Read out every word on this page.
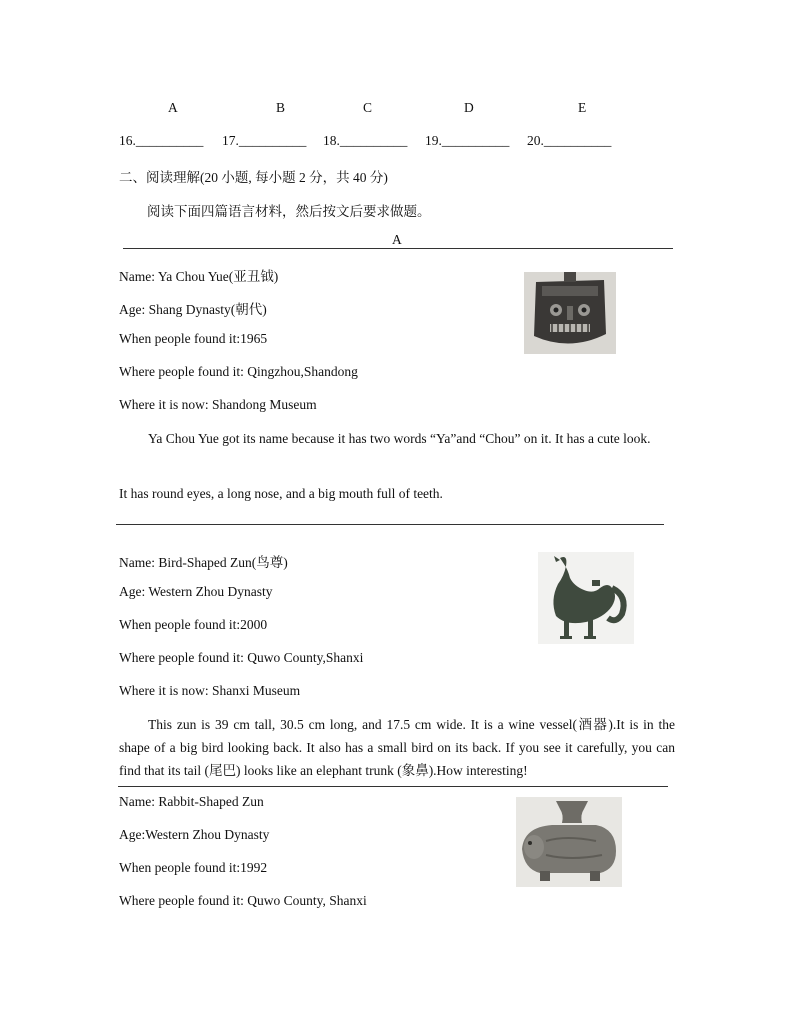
A	B	C	D	E
16.__________ 17.__________ 18.__________ 19.__________ 20.__________
二、阅读理解(20 小题, 每小题 2 分，共 40 分)
阅读下面四篇语言材料，然后按文后要求做题。
A
Name: Ya Chou Yue(亚丑钺)
Age: Shang Dynasty(朝代)
When people found it:1965
Where people found it: Qingzhou,Shandong
Where it is now: Shandong Museum
Ya Chou Yue got its name because it has two words “Ya”and “Chou” on it. It has a cute look.
It has round eyes, a long nose, and a big mouth full of teeth.
Name: Bird-Shaped Zun(鸟尊)
Age: Western Zhou Dynasty
When people found it:2000
Where people found it: Quwo County,Shanxi
Where it is now: Shanxi Museum
This zun is 39 cm tall, 30.5 cm long, and 17.5 cm wide. It is a wine vessel(酒器).It is in the shape of a big bird looking back. It also has a small bird on its back. If you see it carefully, you can find that its tail (尾巴) looks like an elephant trunk (象鼻).How interesting!
Name: Rabbit-Shaped Zun
Age:Western Zhou Dynasty
When people found it:1992
Where people found it: Quwo County, Shanxi
